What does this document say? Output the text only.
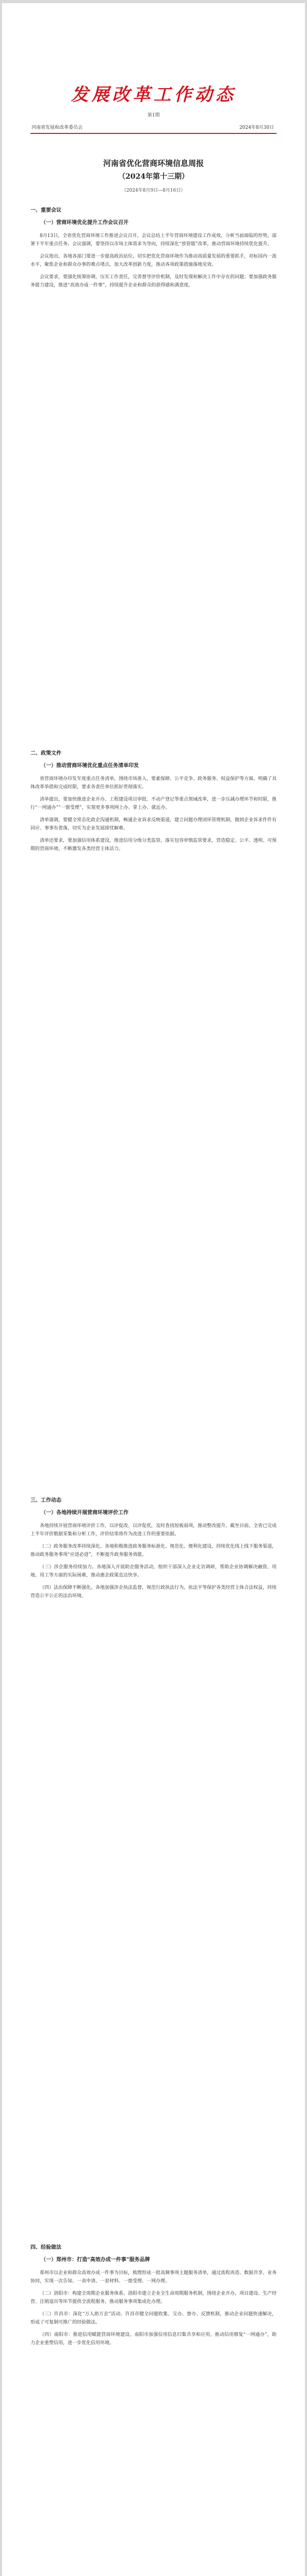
发展改革工作动态
第1期
河南省发展和改革委员会	2024年8月30日
河南省优化营商环境信息周报
（2024年第十三期）
（2024年8月9日—8月16日）
一、重要会议
（一）营商环境优化提升工作会议召开

8月13日，全省优化营商环境工作推进会议召开，会议总结上半年营商环境建设工作成效，分析当前面临的形势，部署下半年重点任务。会议强调，要坚持以市场主体需求为导向，持续深化“放管服”改革，推动营商环境持续优化提升。

会议指出，各地各部门要进一步提高政治站位，切实把优化营商环境作为推动高质量发展的重要抓手，对标国内一流水平，聚焦企业和群众办事的难点堵点，加大改革创新力度，推动各项政策措施落地见效。

会议要求，要强化统筹协调，压实工作责任，完善督导评价机制，及时发现和解决工作中存在的问题；要加强政务服务能力建设，推进“高效办成一件事”，持续提升企业和群众的获得感和满意度。

二、政策文件
（一）推动营商环境优化重点任务清单印发

省营商环境办印发年度重点任务清单，围绕市场准入、要素保障、公平竞争、政务服务、权益保护等方面，明确了具体改革举措和完成时限，要求各责任单位抓好贯彻落实。

清单提出，要加快推进企业开办、工程建设项目审批、不动产登记等重点领域改革，进一步压减办理环节和时限，推行“一网通办”“一窗受理”，实现更多事项网上办、掌上办、就近办。

清单强调，要健全常态化政企沟通机制，畅通企业诉求反映渠道，建立问题办理闭环管理机制，做到企业诉求件件有回应、事事有着落，切实为企业发展排忧解难。

清单还要求，要加强信用体系建设，推进信用分级分类监管，落实包容审慎监管要求，营造稳定、公平、透明、可预期的营商环境，不断激发各类经营主体活力。

三、工作动态
（一）各地持续开展营商环境评价工作

各地持续开展营商环境评价工作，以评促改、以评促优，及时查找短板弱项，推动整改提升。截至目前，全省已完成上半年评价数据采集和分析工作，评价结果将作为改进工作的重要依据。

（二）政务服务改革持续深化。各地积极推进政务服务标准化、规范化、便利化建设，持续优化线上线下服务渠道，推动政务服务事项“应进必进”，不断提升政务服务效能。

（三）涉企服务持续加力。各地深入开展助企服务活动，组织干部深入企业走访调研，帮助企业协调解决融资、用地、用工等方面的实际困难，推动惠企政策直达快享。

（四）法治保障不断强化。各地加强涉企执法监督，规范行政执法行为，依法平等保护各类经营主体合法权益，持续营造公平公正的法治环境。

四、经验做法
（一）郑州市：打造“高效办成一件事”服务品牌

郑州市以企业和群众高效办成一件事为目标，梳理形成一批高频事项主题服务清单，通过流程再造、数据共享、业务协同，实现一次告知、一表申请、一套材料、一窗受理、一网办理。

（二）洛阳市：构建全周期企业服务体系。洛阳市建立企业全生命周期服务机制，围绕企业开办、项目建设、生产经营、注销退出等环节提供全流程服务，推动服务事项集成化办理。

（三）许昌市：深化“万人助万企”活动。许昌市健全问题收集、交办、督办、反馈机制，推动企业问题快速解决，形成了可复制可推广的经验做法。

（四）南阳市：推进信用赋能营商环境建设。南阳市加强信用信息归集共享和应用，推动信用修复“一网通办”，助力企业重塑信用，进一步优化信用环境。
